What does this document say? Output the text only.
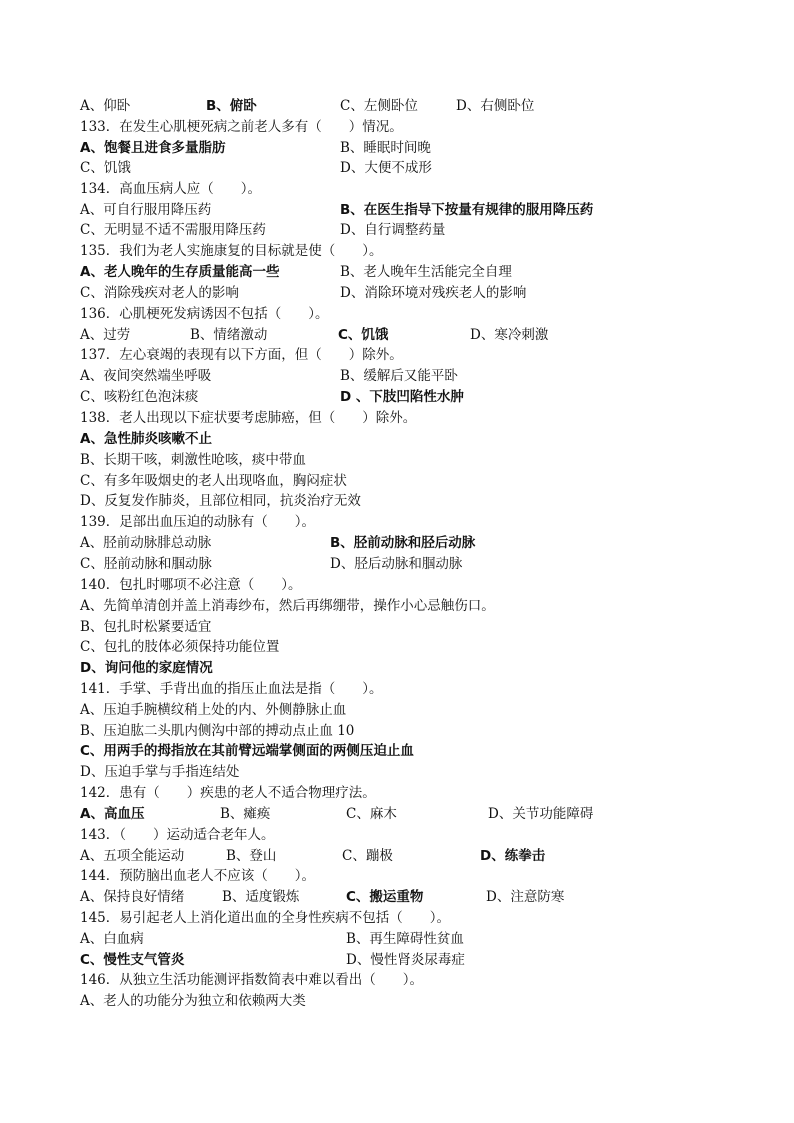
A、仰卧	B、俯卧	C、左侧卧位	D、右侧卧位
133．在发生心肌梗死病之前老人多有（　　）情况。
A、饱餐且进食多量脂肪	B、睡眠时间晚
C、饥饿	D、大便不成形
134．高血压病人应（　　）。
A、可自行服用降压药	B、在医生指导下按量有规律的服用降压药
C、无明显不适不需服用降压药	D、自行调整药量
135．我们为老人实施康复的目标就是使（　　）。
A、老人晚年的生存质量能高一些	B、老人晚年生活能完全自理
C、消除残疾对老人的影响	D、消除环境对残疾老人的影响
136．心肌梗死发病诱因不包括（　　）。
A、过劳	B、情绪激动	C、饥饿	D、寒冷刺激
137．左心衰竭的表现有以下方面，但（　　）除外。
A、夜间突然端坐呼吸	B、缓解后又能平卧
C、咳粉红色泡沫痰	D 、下肢凹陷性水肿
138．老人出现以下症状要考虑肺癌，但（　　）除外。
A、急性肺炎咳嗽不止
B、长期干咳，刺激性呛咳，痰中带血
C、有多年吸烟史的老人出现咯血，胸闷症状
D、反复发作肺炎，且部位相同，抗炎治疗无效
139．足部出血压迫的动脉有（　　）。
A、胫前动脉腓总动脉	B、胫前动脉和胫后动脉
C、胫前动脉和腘动脉	D、胫后动脉和腘动脉
140．包扎时哪项不必注意（　　）。
A、先简单清创并盖上消毒纱布，然后再绑绷带，操作小心忌触伤口。
B、包扎时松紧要适宜
C、包扎的肢体必须保持功能位置
D、询问他的家庭情况
141．手掌、手背出血的指压止血法是指（　　）。
A、压迫手腕横纹稍上处的内、外侧静脉止血
B、压迫肱二头肌内侧沟中部的搏动点止血 10
C、用两手的拇指放在其前臂远端掌侧面的两侧压迫止血
D、压迫手掌与手指连结处
142．患有（　　）疾患的老人不适合物理疗法。
A、高血压	B、瘫痪	C、麻木	D、关节功能障碍
143．（　　）运动适合老年人。
A、五项全能运动	B、登山	C、蹦极	D、练拳击
144．预防脑出血老人不应该（　　）。
A、保持良好情绪	B、适度锻炼	C、搬运重物	D、注意防寒
145．易引起老人上消化道出血的全身性疾病不包括（　　）。
A、白血病	B、再生障碍性贫血
C、慢性支气管炎	D、慢性肾炎尿毒症
146．从独立生活功能测评指数简表中难以看出（　　）。
A、老人的功能分为独立和依赖两大类
